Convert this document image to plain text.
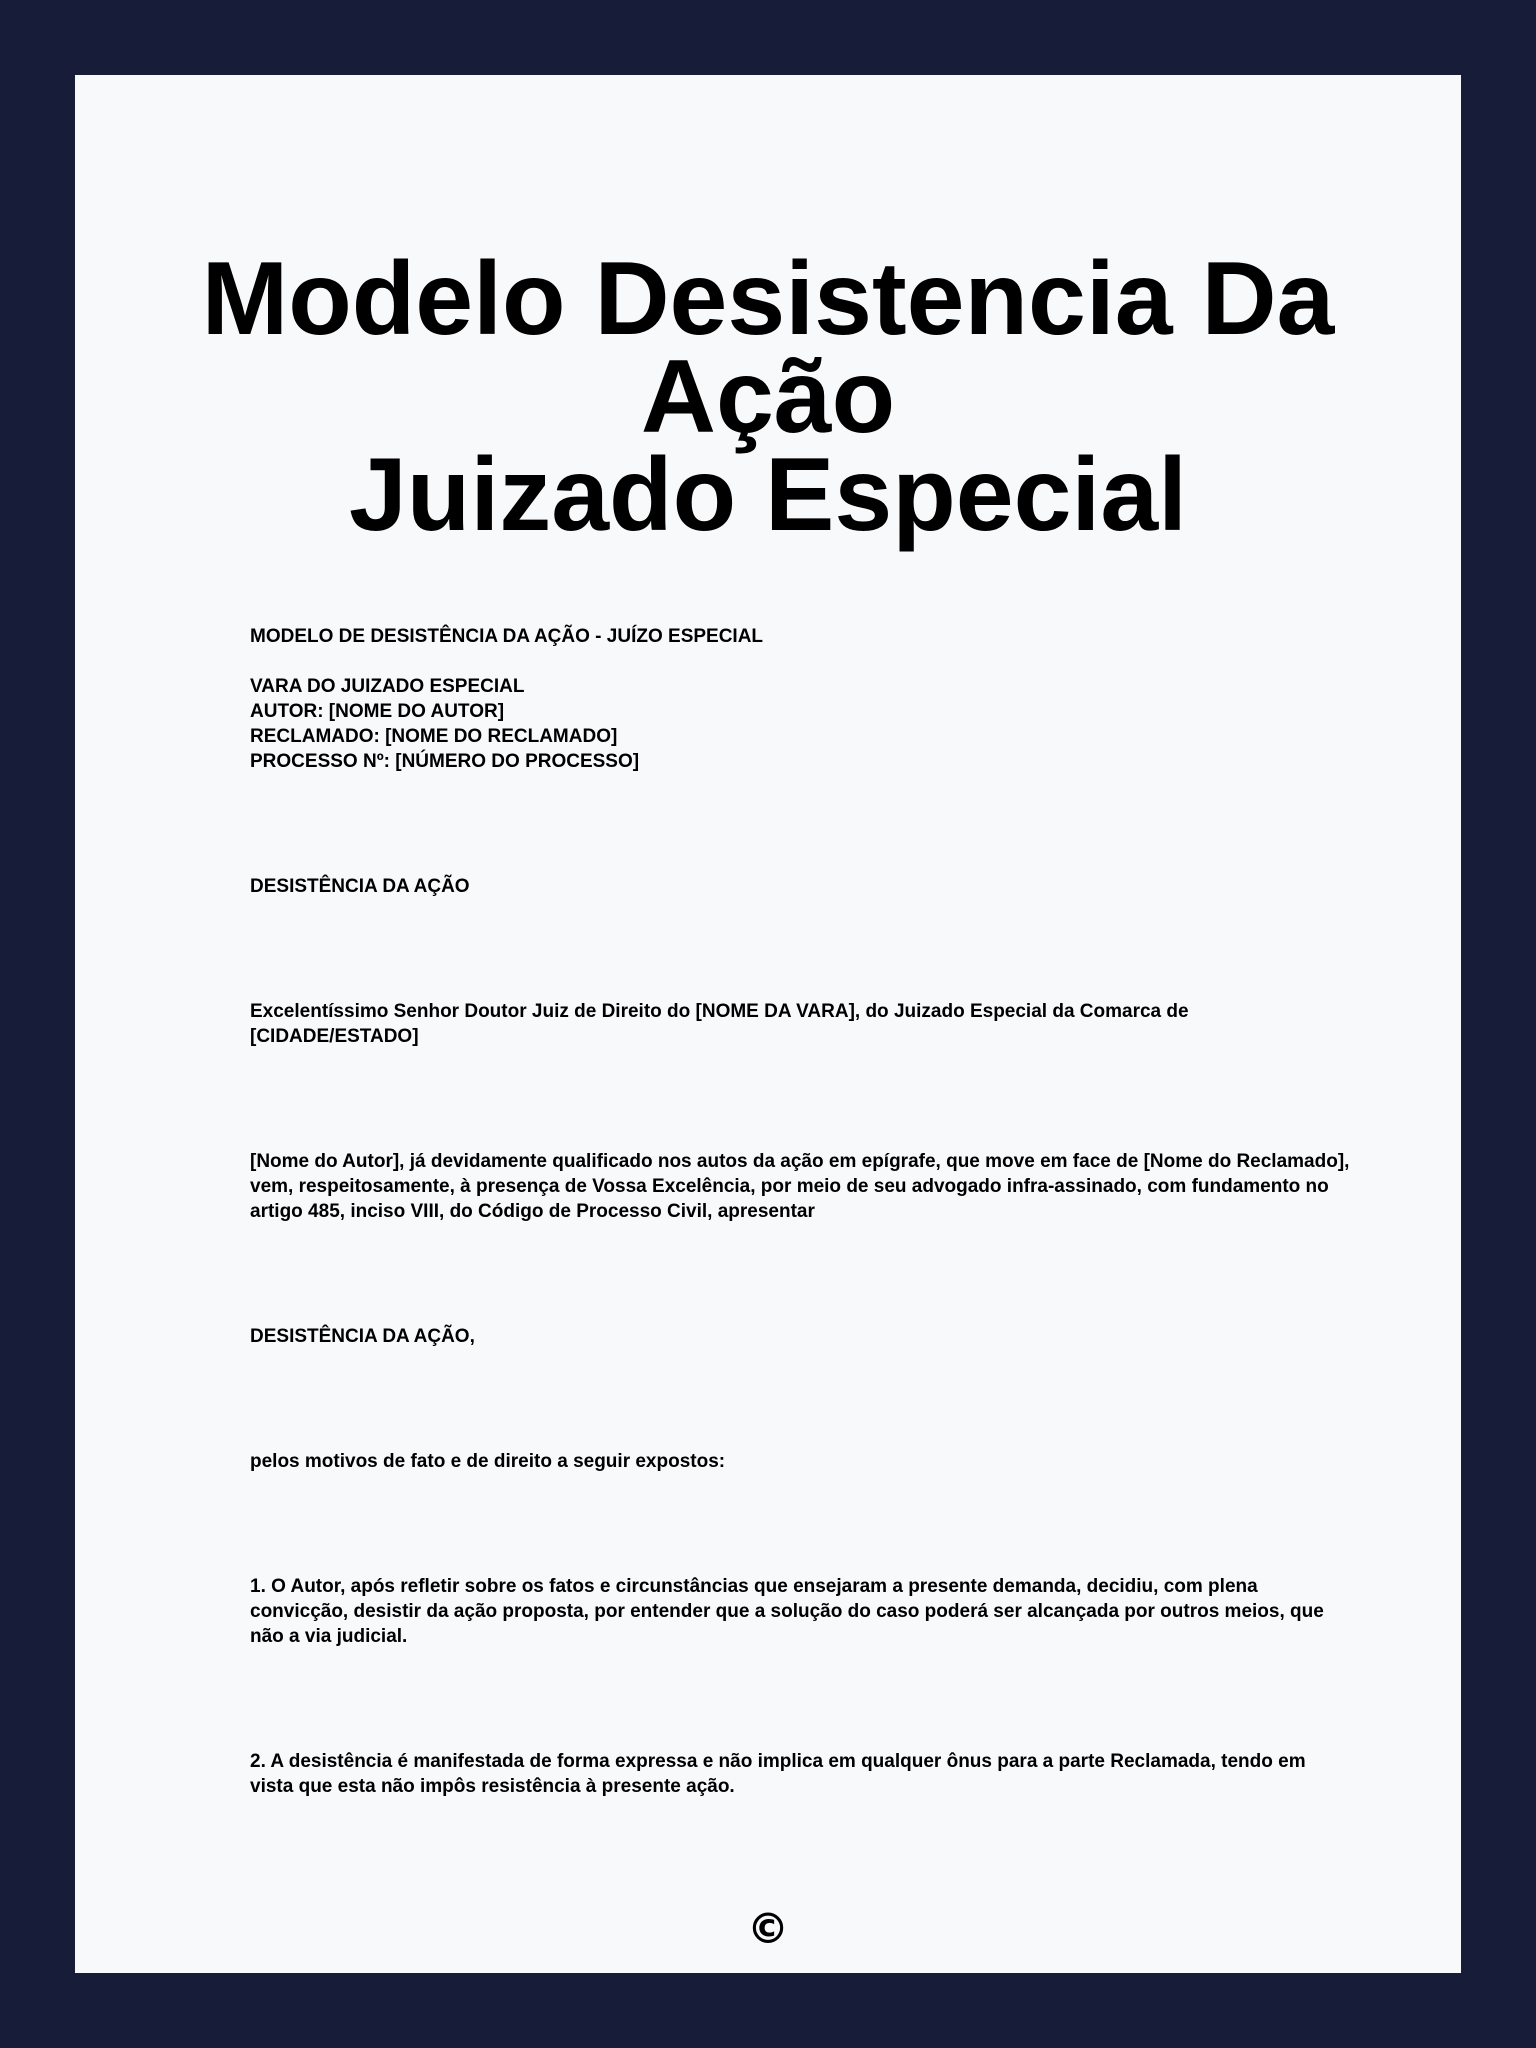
Modelo Desistencia Da Ação
Juizado Especial

MODELO DE DESISTÊNCIA DA AÇÃO - JUÍZO ESPECIAL

VARA DO JUIZADO ESPECIAL
AUTOR: [NOME DO AUTOR]
RECLAMADO: [NOME DO RECLAMADO]
PROCESSO Nº: [NÚMERO DO PROCESSO]

DESISTÊNCIA DA AÇÃO

Excelentíssimo Senhor Doutor Juiz de Direito do [NOME DA VARA], do Juizado Especial da Comarca de [CIDADE/ESTADO]

[Nome do Autor], já devidamente qualificado nos autos da ação em epígrafe, que move em face de [Nome do Reclamado], vem, respeitosamente, à presença de Vossa Excelência, por meio de seu advogado infra-assinado, com fundamento no artigo 485, inciso VIII, do Código de Processo Civil, apresentar

DESISTÊNCIA DA AÇÃO,

pelos motivos de fato e de direito a seguir expostos:

1. O Autor, após refletir sobre os fatos e circunstâncias que ensejaram a presente demanda, decidiu, com plena convicção, desistir da ação proposta, por entender que a solução do caso poderá ser alcançada por outros meios, que não a via judicial.

2. A desistência é manifestada de forma expressa e não implica em qualquer ônus para a parte Reclamada, tendo em vista que esta não impôs resistência à presente ação.

©
